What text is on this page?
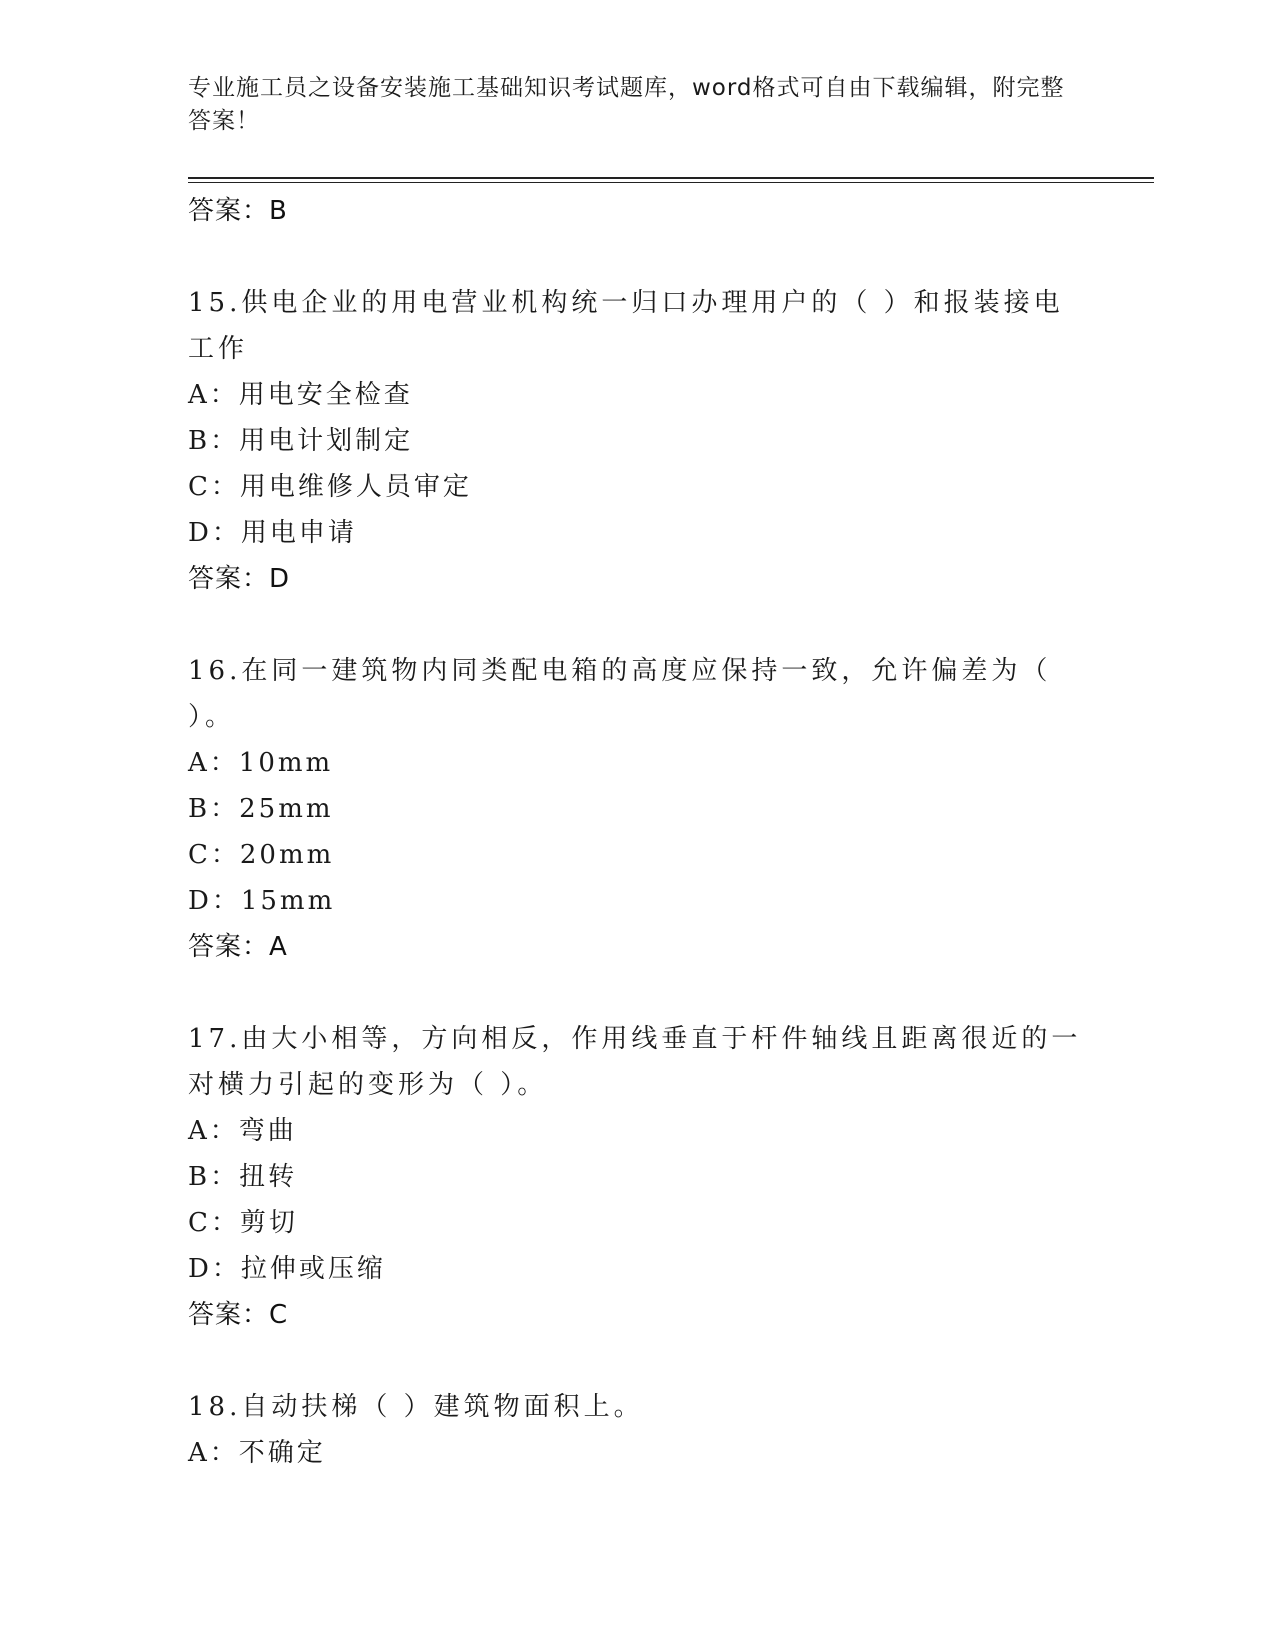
专业施工员之设备安装施工基础知识考试题库，word格式可自由下载编辑，附完整答案！
答案：B
15.供电企业的用电营业机构统一归口办理用户的（ ）和报装接电工作
A：用电安全检查
B：用电计划制定
C：用电维修人员审定
D：用电申请
答案：D
16.在同一建筑物内同类配电箱的高度应保持一致，允许偏差为（ ）。
A：10mm
B：25mm
C：20mm
D：15mm
答案：A
17.由大小相等，方向相反，作用线垂直于杆件轴线且距离很近的一对横力引起的变形为（ ）。
A：弯曲
B：扭转
C：剪切
D：拉伸或压缩
答案：C
18.自动扶梯（ ）建筑物面积上。
A：不确定
